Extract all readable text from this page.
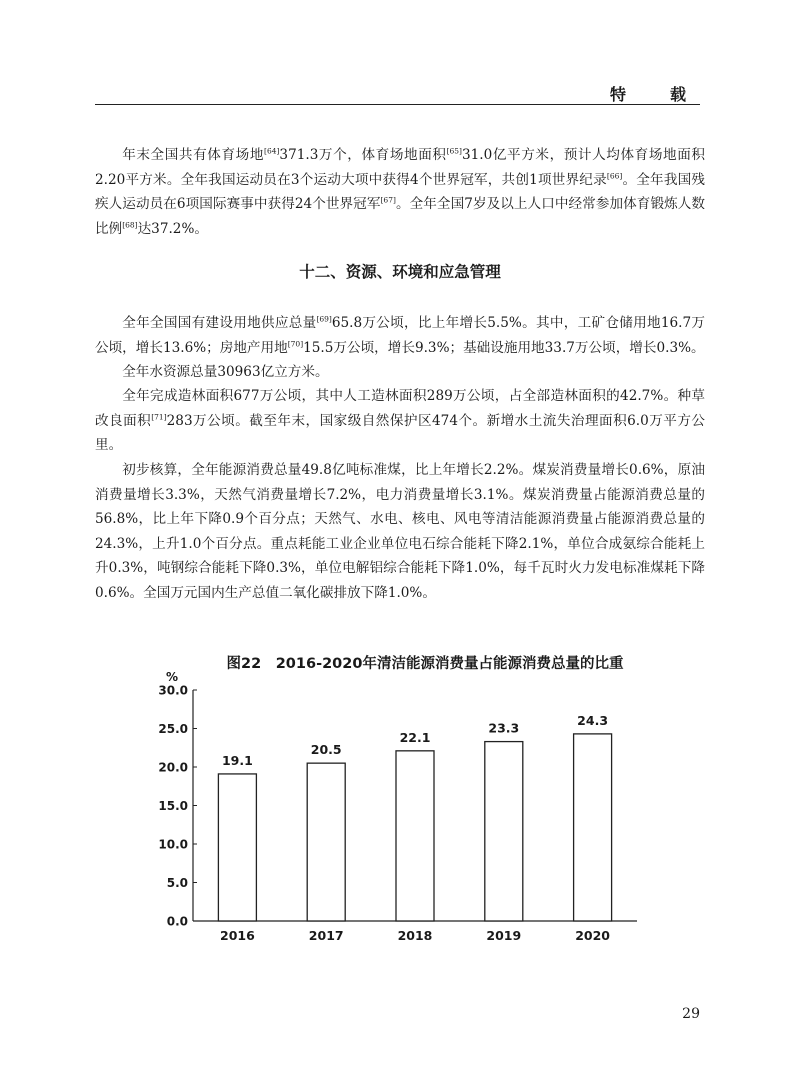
特　载

年末全国共有体育场地[64]371.3万个，体育场地面积[65]31.0亿平方米，预计人均体育场地面积2.20平方米。全年我国运动员在3个运动大项中获得4个世界冠军，共创1项世界纪录[66]。全年我国残疾人运动员在6项国际赛事中获得24个世界冠军[67]。全年全国7岁及以上人口中经常参加体育锻炼人数比例[68]达37.2%。

十二、资源、环境和应急管理

全年全国国有建设用地供应总量[69]65.8万公顷，比上年增长5.5%。其中，工矿仓储用地16.7万公顷，增长13.6%；房地产用地[70]15.5万公顷，增长9.3%；基础设施用地33.7万公顷，增长0.3%。

全年水资源总量30963亿立方米。

全年完成造林面积677万公顷，其中人工造林面积289万公顷，占全部造林面积的42.7%。种草改良面积[71]283万公顷。截至年末，国家级自然保护区474个。新增水土流失治理面积6.0万平方公里。

初步核算，全年能源消费总量49.8亿吨标准煤，比上年增长2.2%。煤炭消费量增长0.6%，原油消费量增长3.3%，天然气消费量增长7.2%，电力消费量增长3.1%。煤炭消费量占能源消费总量的56.8%，比上年下降0.9个百分点；天然气、水电、核电、风电等清洁能源消费量占能源消费总量的24.3%，上升1.0个百分点。重点耗能工业企业单位电石综合能耗下降2.1%，单位合成氨综合能耗上升0.3%，吨钢综合能耗下降0.3%，单位电解铝综合能耗下降1.0%，每千瓦时火力发电标准煤耗下降0.6%。全国万元国内生产总值二氧化碳排放下降1.0%。

图22　2016-2020年清洁能源消费量占能源消费总量的比重
%
0.0
5.0
10.0
15.0
20.0
25.0
30.0
19.1
2016
20.5
2017
22.1
2018
23.3
2019
24.3
2020
29
